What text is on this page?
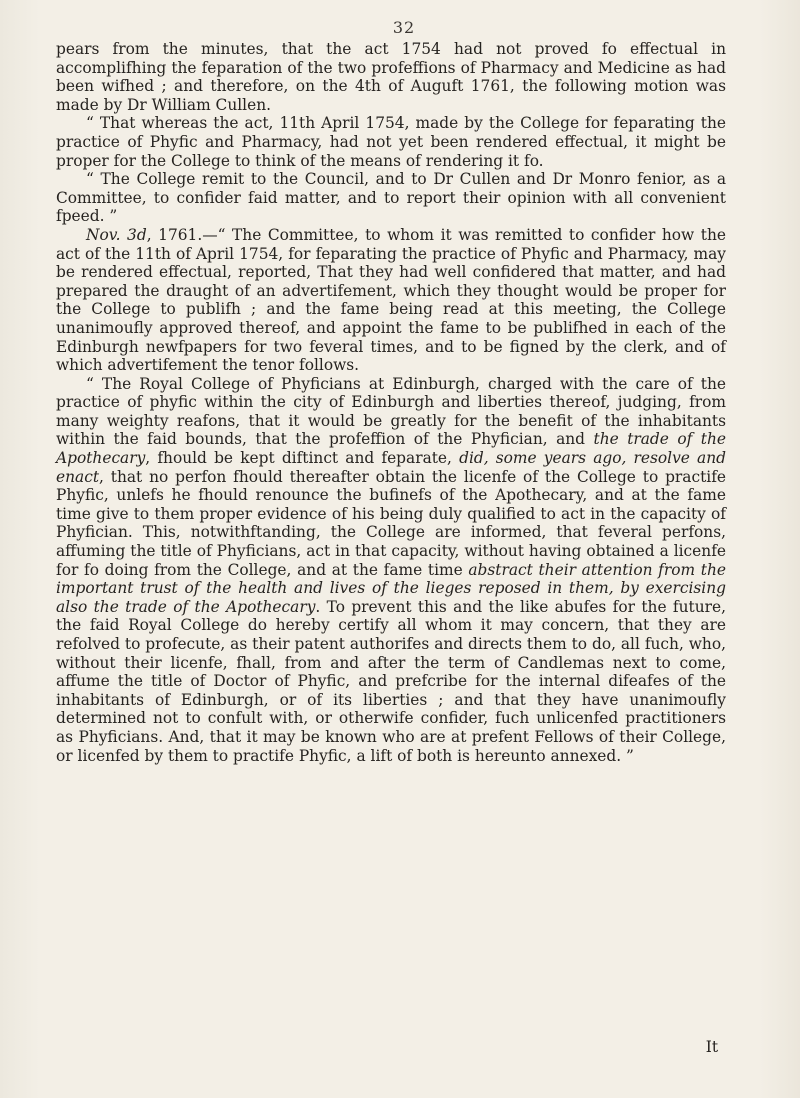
32

pears from the minutes, that the act 1754 had not proved fo effectual in accomplifhing the feparation of the two profeffions of Pharmacy and Medicine as had been wifhed ; and therefore, on the 4th of Auguft 1761, the following motion was made by Dr William Cullen.

“ That whereas the act, 11th April 1754, made by the College for feparating the practice of Phyfic and Pharmacy, had not yet been rendered effectual, it might be proper for the College to think of the means of rendering it fo.

“ The College remit to the Council, and to Dr Cullen and Dr Monro fenior, as a Committee, to confider faid matter, and to report their opinion with all convenient fpeed. ”

Nov. 3d, 1761.—“ The Committee, to whom it was remitted to confider how the act of the 11th of April 1754, for feparating the practice of Phyfic and Pharmacy, may be rendered effectual, reported, That they had well confidered that matter, and had prepared the draught of an advertifement, which they thought would be proper for the College to publifh ; and the fame being read at this meeting, the College unanimoufly approved thereof, and appoint the fame to be publifhed in each of the Edinburgh newfpapers for two feveral times, and to be figned by the clerk, and of which advertifement the tenor follows.

“ The Royal College of Phyficians at Edinburgh, charged with the care of the practice of phyfic within the city of Edinburgh and liberties thereof, judging, from many weighty reafons, that it would be greatly for the benefit of the inhabitants within the faid bounds, that the profeffion of the Phyfician, and the trade of the Apothecary, fhould be kept diftinct and feparate, did, some years ago, resolve and enact, that no perfon fhould thereafter obtain the licenfe of the College to practife Phyfic, unlefs he fhould renounce the bufinefs of the Apothecary, and at the fame time give to them proper evidence of his being duly qualified to act in the capacity of Phyfician. This, notwithftanding, the College are informed, that feveral perfons, affuming the title of Phyficians, act in that capacity, without having obtained a licenfe for fo doing from the College, and at the fame time abstract their attention from the important trust of the health and lives of the lieges reposed in them, by exercising also the trade of the Apothecary. To prevent this and the like abufes for the future, the faid Royal College do hereby certify all whom it may concern, that they are refolved to profecute, as their patent authorifes and directs them to do, all fuch, who, without their licenfe, fhall, from and after the term of Candlemas next to come, affume the title of Doctor of Phyfic, and prefcribe for the internal difeafes of the inhabitants of Edinburgh, or of its liberties ; and that they have unanimoufly determined not to confult with, or otherwife confider, fuch unlicenfed practitioners as Phyficians. And, that it may be known who are at prefent Fellows of their College, or licenfed by them to practife Phyfic, a lift of both is hereunto annexed. ”

It
